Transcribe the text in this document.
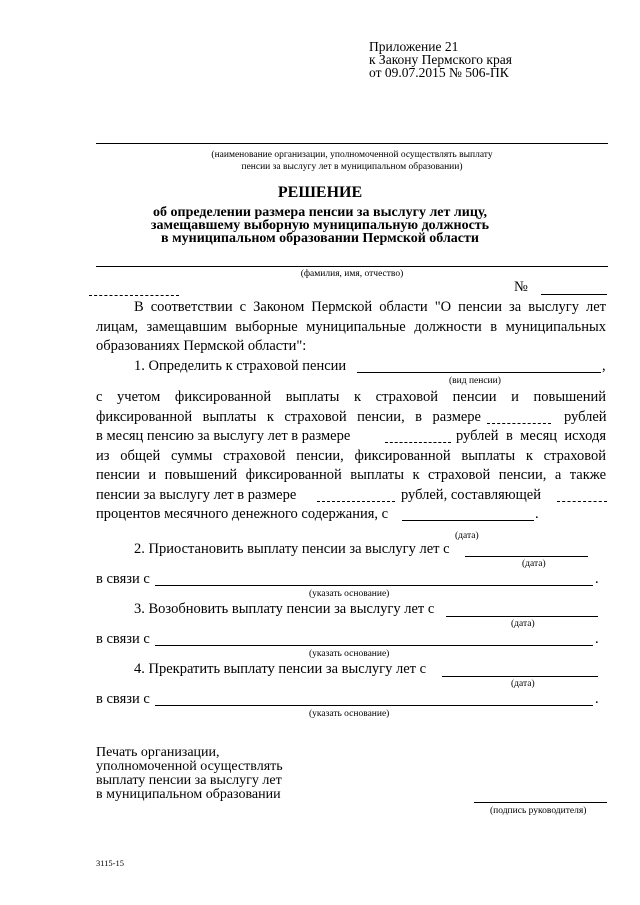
Приложение 21
к Закону Пермского края
от 09.07.2015 № 506-ПК
(наименование организации, уполномоченной осуществлять выплату
пенсии за выслугу лет в муниципальном образовании)
РЕШЕНИЕ
об определении размера пенсии за выслугу лет лицу,
замещавшему выборную муниципальную должность
в муниципальном образовании Пермской области
(фамилия, имя, отчество)
№
В соответствии с Законом Пермской области "О пенсии за выслугу лет
лицам, замещавшим выборные муниципальные должности в муниципальных
образованиях Пермской области":
1. Определить к страховой пенсии	,
(вид пенсии)
с учетом фиксированной выплаты к страховой пенсии и повышений
фиксированной выплаты к страховой пенсии, в размере	рублей
в месяц пенсию за выслугу лет в размере	рублей в месяц исходя
из общей суммы страховой пенсии, фиксированной выплаты к страховой
пенсии и повышений фиксированной выплаты к страховой пенсии, а также
пенсии за выслугу лет в размере	рублей, составляющей
процентов месячного денежного содержания, с	.
(дата)
2. Приостановить выплату пенсии за выслугу лет с
(дата)
в связи с	.
(указать основание)
3. Возобновить выплату пенсии за выслугу лет с
(дата)
в связи с	.
(указать основание)
4. Прекратить выплату пенсии за выслугу лет с
(дата)
в связи с	.
(указать основание)
Печать организации,
уполномоченной осуществлять
выплату пенсии за выслугу лет
в муниципальном образовании
(подпись руководителя)
3115-15
